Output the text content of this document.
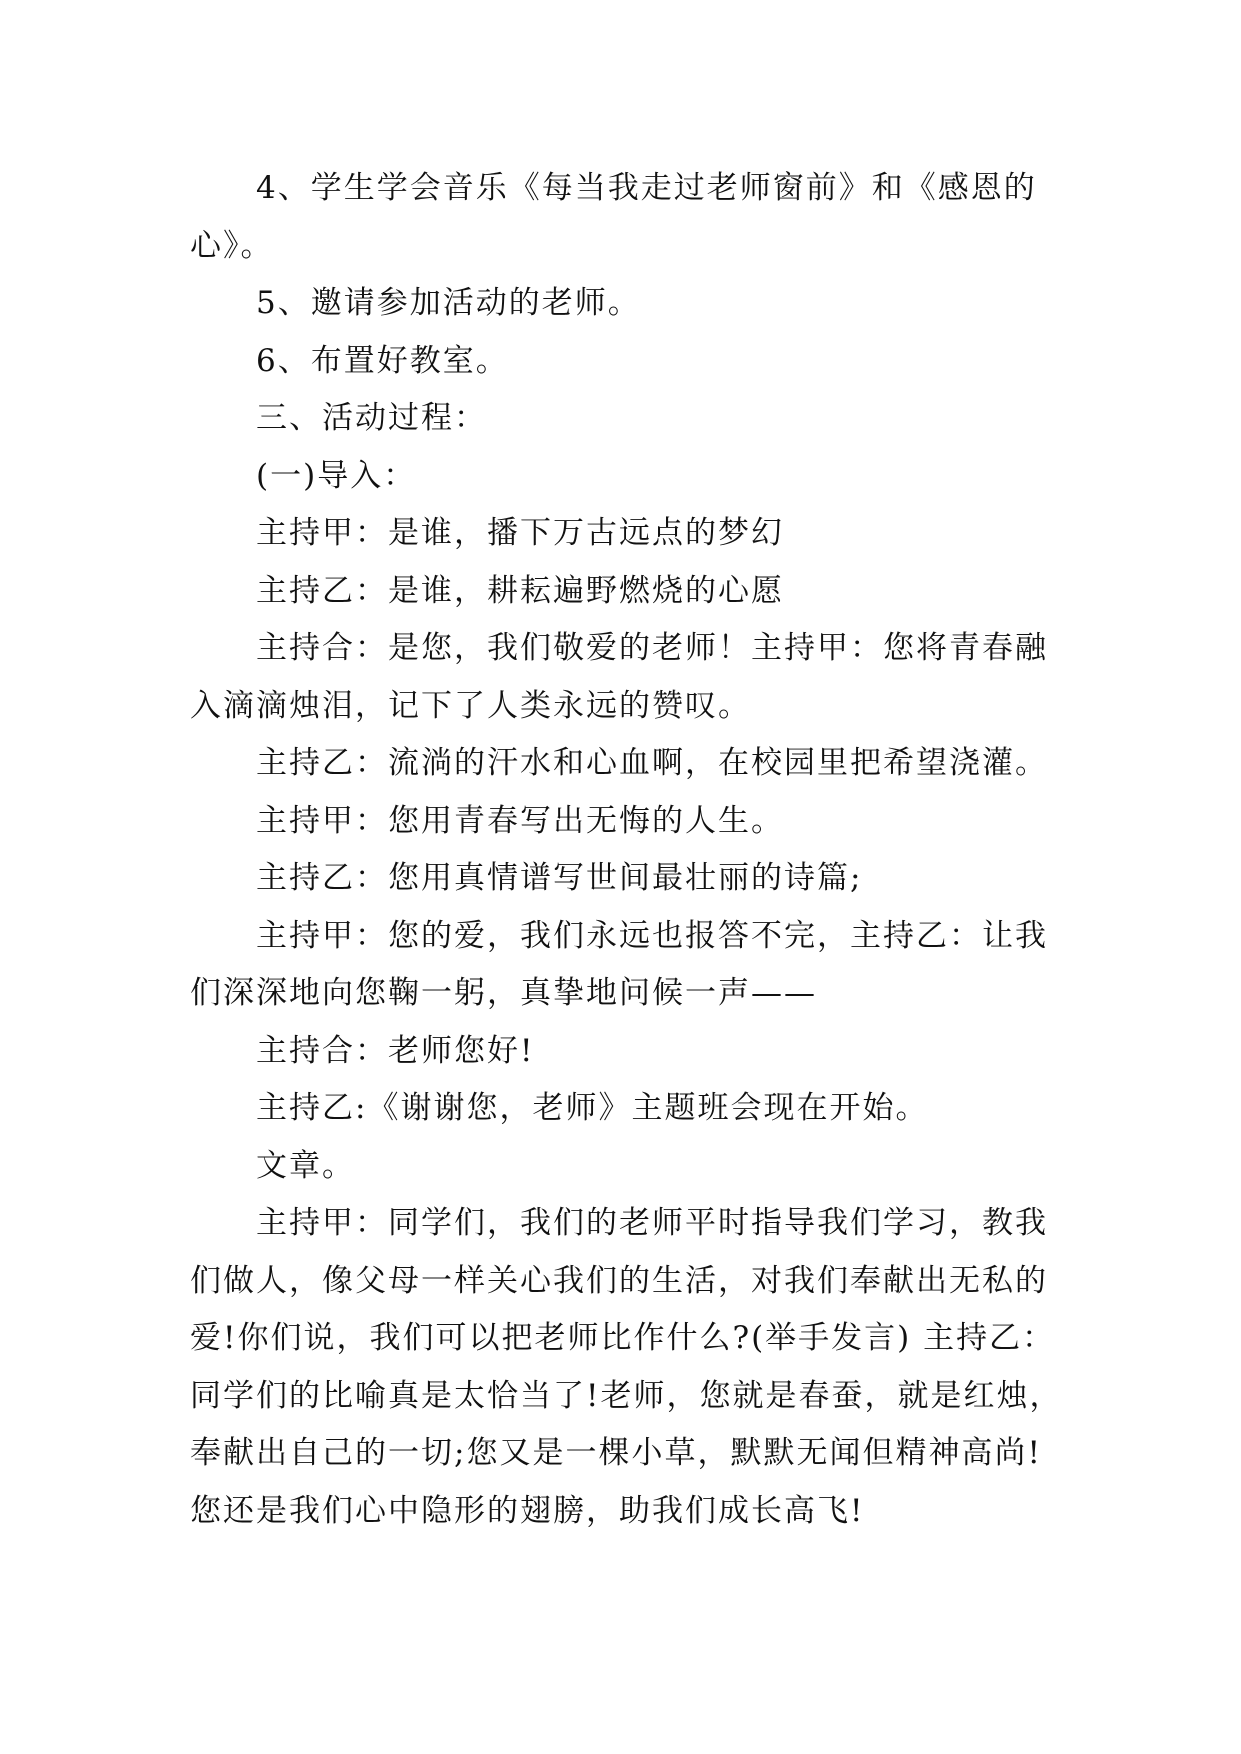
4、学生学会音乐《每当我走过老师窗前》和《感恩的

心》。

5、邀请参加活动的老师。

6、布置好教室。

三、活动过程：

(一)导入：

主持甲：是谁，播下万古远点的梦幻

主持乙：是谁，耕耘遍野燃烧的心愿

主持合：是您，我们敬爱的老师！主持甲：您将青春融

入滴滴烛泪，记下了人类永远的赞叹。

主持乙：流淌的汗水和心血啊，在校园里把希望浇灌。

主持甲：您用青春写出无悔的人生。

主持乙：您用真情谱写世间最壮丽的诗篇;

主持甲：您的爱，我们永远也报答不完，主持乙：让我

们深深地向您鞠一躬，真挚地问候一声——

主持合：老师您好!

主持乙:《谢谢您，老师》主题班会现在开始。

文章。

主持甲：同学们，我们的老师平时指导我们学习，教我

们做人，像父母一样关心我们的生活，对我们奉献出无私的

爱!你们说，我们可以把老师比作什么?(举手发言) 主持乙：

同学们的比喻真是太恰当了!老师，您就是春蚕，就是红烛，

奉献出自己的一切;您又是一棵小草，默默无闻但精神高尚!

您还是我们心中隐形的翅膀，助我们成长高飞!
